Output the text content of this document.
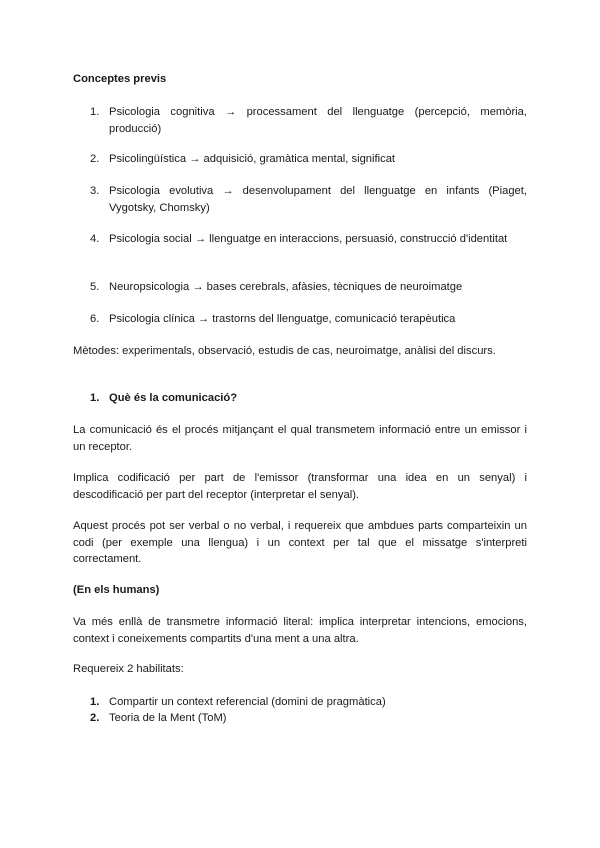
Conceptes previs
1. Psicologia cognitiva → processament del llenguatge (percepció, memòria, producció)
2. Psicolingüística → adquisició, gramàtica mental, significat
3. Psicologia evolutiva → desenvolupament del llenguatge en infants (Piaget, Vygotsky, Chomsky)
4. Psicologia social → llenguatge en interaccions, persuasió, construcció d'identitat
5. Neuropsicologia → bases cerebrals, afàsies, tècniques de neuroimatge
6. Psicologia clínica → trastorns del llenguatge, comunicació terapèutica
Mètodes: experimentals, observació, estudis de cas, neuroimatge, anàlisi del discurs.
1. Què és la comunicació?
La comunicació és el procés mitjançant el qual transmetem informació entre un emissor i un receptor.
Implica codificació per part de l'emissor (transformar una idea en un senyal) i descodificació per part del receptor (interpretar el senyal).
Aquest procés pot ser verbal o no verbal, i requereix que ambdues parts comparteixin un codi (per exemple una llengua) i un context per tal que el missatge s'interpreti correctament.
(En els humans)
Va més enllà de transmetre informació literal: implica interpretar intencions, emocions, context i coneixements compartits d'una ment a una altra.
Requereix 2 habilitats:
1. Compartir un context referencial (domini de pragmàtica)
2. Teoria de la Ment (ToM)
